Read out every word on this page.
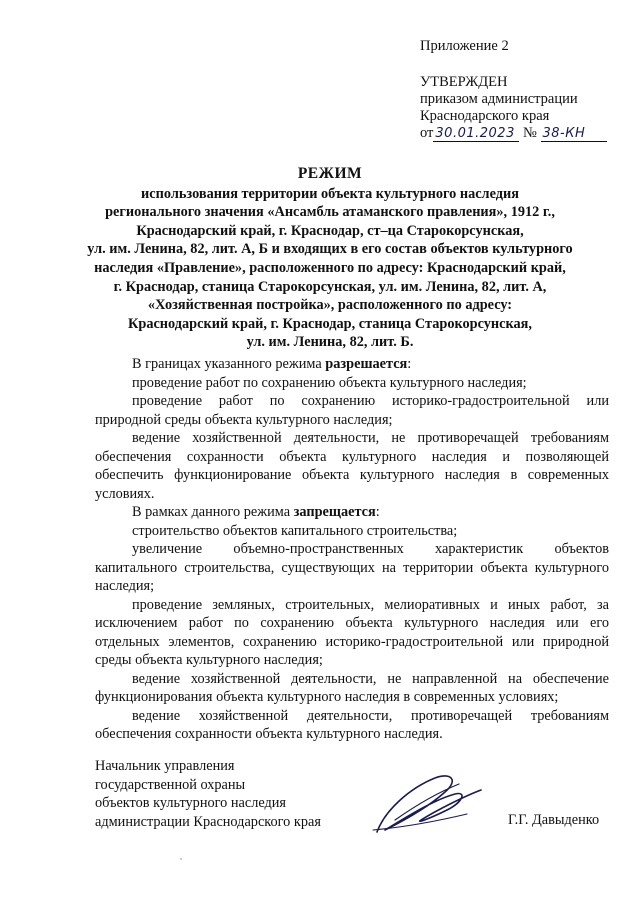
Приложение 2
УТВЕРЖДЕН
приказом администрации
Краснодарского края
от 30.01.2023 № 38-КН
РЕЖИМ
использования территории объекта культурного наследия
регионального значения «Ансамбль атаманского правления», 1912 г.,
Краснодарский край, г. Краснодар, ст–ца Старокорсунская,
ул. им. Ленина, 82, лит. А, Б и входящих в его состав объектов культурного
наследия «Правление», расположенного по адресу: Краснодарский край,
г. Краснодар, станица Старокорсунская, ул. им. Ленина, 82, лит. А,
«Хозяйственная постройка», расположенного по адресу:
Краснодарский край, г. Краснодар, станица Старокорсунская,
ул. им. Ленина, 82, лит. Б.

В границах указанного режима разрешается:

проведение работ по сохранению объекта культурного наследия;

проведение работ по сохранению историко-градостроительной или природной среды объекта культурного наследия;

ведение хозяйственной деятельности, не противоречащей требованиям обеспечения сохранности объекта культурного наследия и позволяющей обеспечить функционирование объекта культурного наследия в современных условиях.

В рамках данного режима запрещается:

строительство объектов капитального строительства;

увеличение объемно-пространственных характеристик объектов капитального строительства, существующих на территории объекта культурного наследия;

проведение земляных, строительных, мелиоративных и иных работ, за исключением работ по сохранению объекта культурного наследия или его отдельных элементов, сохранению историко-градостроительной или природной среды объекта культурного наследия;

ведение хозяйственной деятельности, не направленной на обеспечение функционирования объекта культурного наследия в современных условиях;

ведение хозяйственной деятельности, противоречащей требованиям обеспечения сохранности объекта культурного наследия.

Начальник управления
государственной охраны
объектов культурного наследия
администрации Краснодарского края	Г.Г. Давыденко
